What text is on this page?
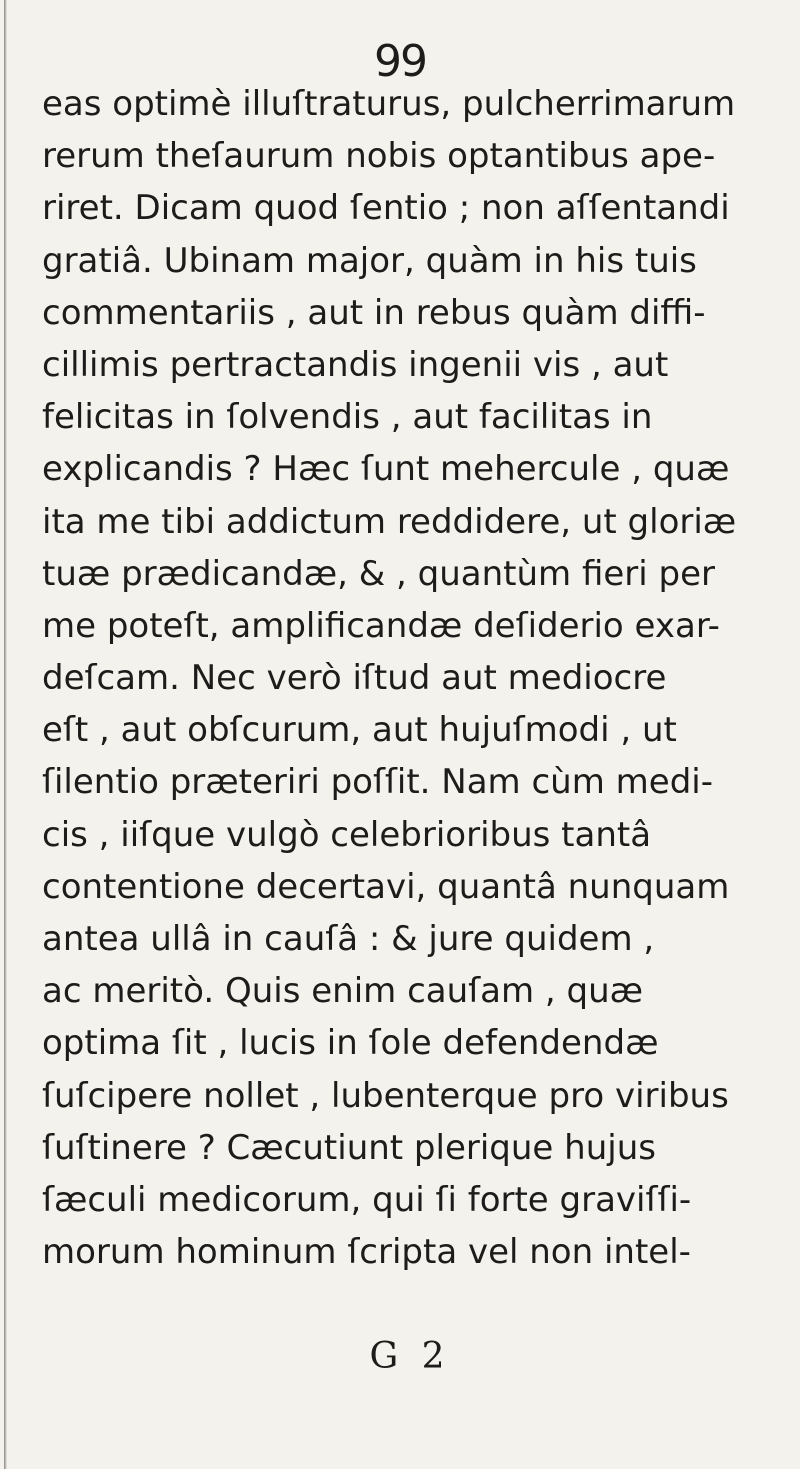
99
eas optimè illuſtraturus, pulcherrimarum
rerum theſaurum nobis optantibus ape-
riret. Dicam quod ſentio ; non aſſentandi
gratiâ. Ubinam major, quàm in his tuis
commentariis , aut in rebus quàm diffi-
cillimis pertractandis ingenii vis , aut
felicitas in ſolvendis , aut facilitas in
explicandis ? Hæc ſunt mehercule , quæ
ita me tibi addictum reddidere, ut gloriæ
tuæ prædicandæ, & , quantùm fieri per
me poteſt, amplificandæ deſiderio exar-
deſcam. Nec verò iſtud aut mediocre
eſt , aut obſcurum, aut hujuſmodi , ut
ſilentio præteriri poſſit. Nam cùm medi-
cis , iiſque vulgò celebrioribus tantâ
contentione decertavi, quantâ nunquam
antea ullâ in cauſâ : & jure quidem ,
ac meritò. Quis enim cauſam , quæ
optima ſit , lucis in ſole defendendæ
ſuſcipere nollet , lubenterque pro viribus
ſuſtinere ? Cæcutiunt plerique hujus
ſæculi medicorum, qui ſi forte graviſſi-
morum hominum ſcripta vel non intel-
G 2
